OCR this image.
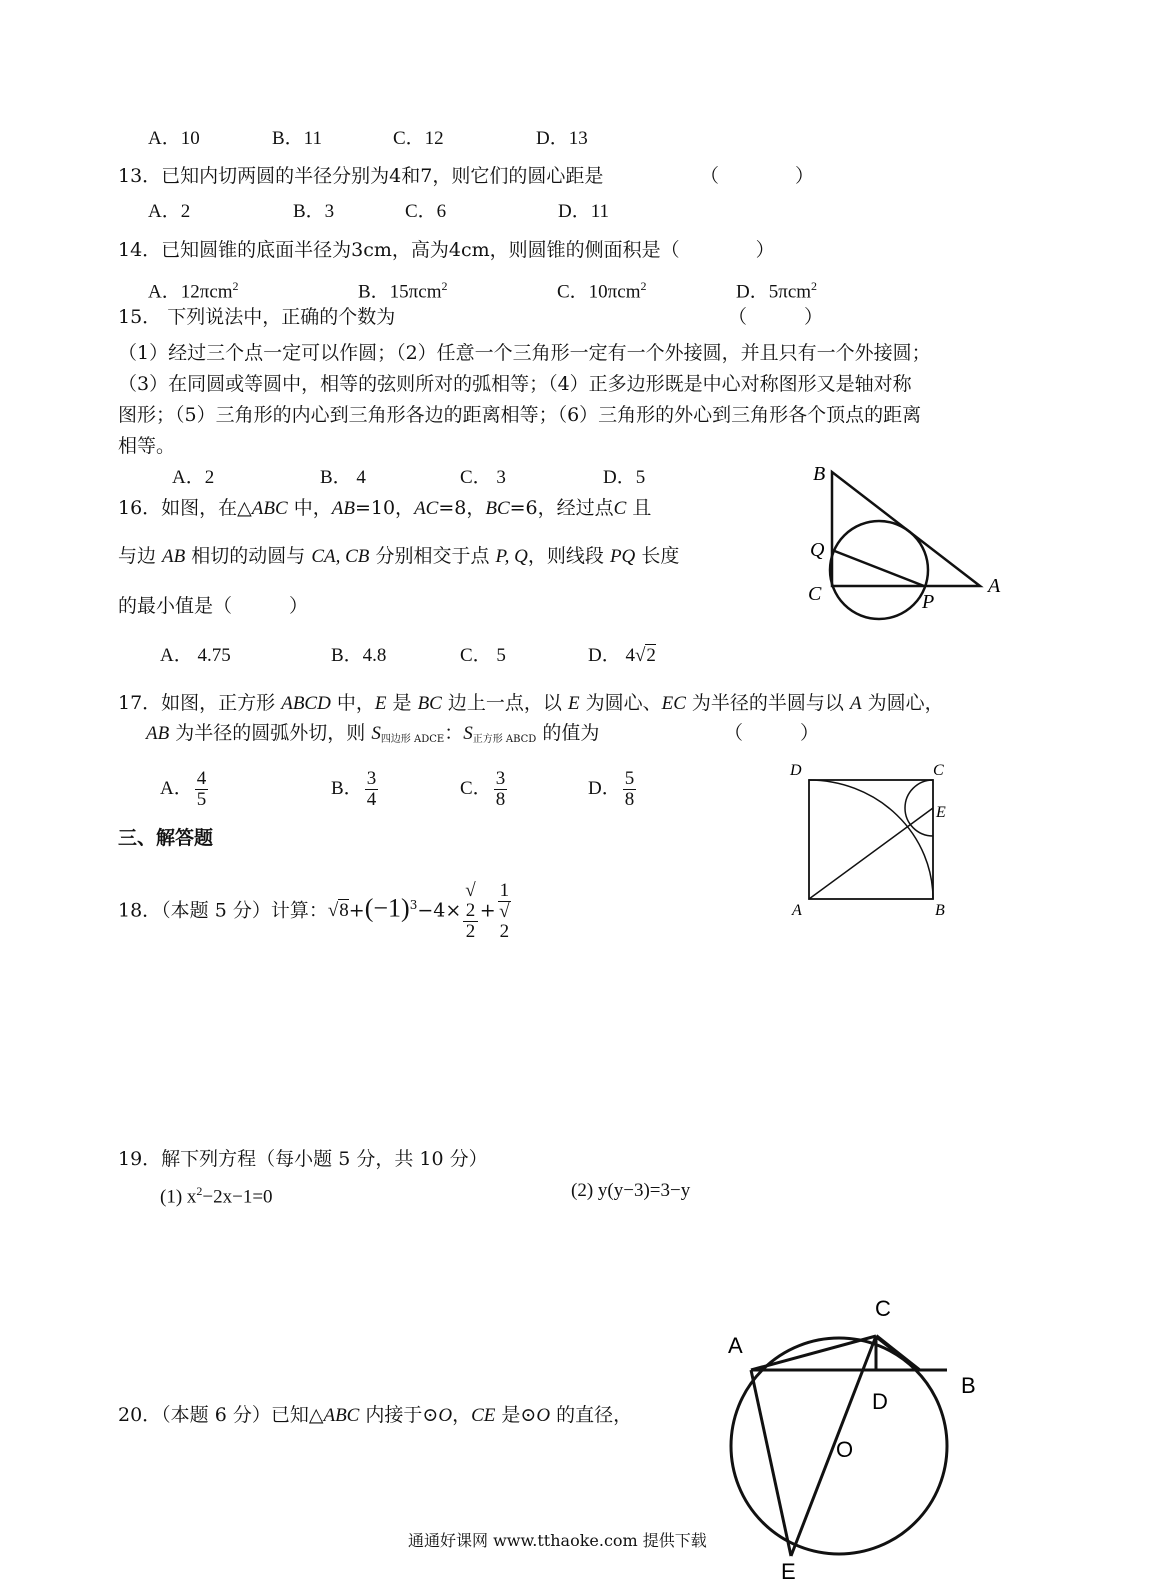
A．10	B．11	C．12	D．13
13．已知内切两圆的半径分别为4和7，则它们的圆心距是	（　　　　）
A．2	B．3	C．6	D．11
14．已知圆锥的底面半径为3cm，高为4cm，则圆锥的侧面积是（　　　　）
A．12πcm$^2$	B．15πcm$^2$	C．10πcm$^2$	D．5πcm$^2$
15． 下列说法中，正确的个数为	（　　　）
（1）经过三个点一定可以作圆；（2）任意一个三角形一定有一个外接圆，并且只有一个外接圆；
（3）在同圆或等圆中，相等的弦则所对的弧相等；（4）正多边形既是中心对称图形又是轴对称
图形；（5）三角形的内心到三角形各边的距离相等；（6）三角形的外心到三角形各个顶点的距离
相等。
A．2	B． 4	C． 3	D．5
16．如图，在△ABC 中，AB=10，AC=8，BC=6，经过点C 且
与边 AB 相切的动圆与 CA, CB 分别相交于点 P, Q，则线段 PQ 长度
的最小值是（　　　）
A． 4.75	B．4.8	C． 5	D． 4√2
B
Q
C	P
A
17．如图，正方形 ABCD 中，E 是 BC 边上一点，以 E 为圆心、EC 为半径的半圆与以 A 为圆心，
AB 为半径的圆弧外切，则 S四边形 ADCE：S正方形 ABCD 的值为	（　　　）
A． $\frac{4}{5}$	B． $\frac{3}{4}$	C． $\frac{3}{8}$	D． $\frac{5}{8}$	D	C
E
A	B
三、解答题
18．（本题 5 分）计算：$√8+(-1)^3-4\times$ √
2
2 + 1
√
2
19．解下列方程（每小题 5 分，共 10 分）
(1) $x^2-2x-1=0$	(2) y(y−3)=3−y
20．（本题 6 分）已知△ABC 内接于⊙O，CE 是⊙O 的直径，
C
A
B
D
O
E
通通好课网 www.tthaoke.com 提供下载
